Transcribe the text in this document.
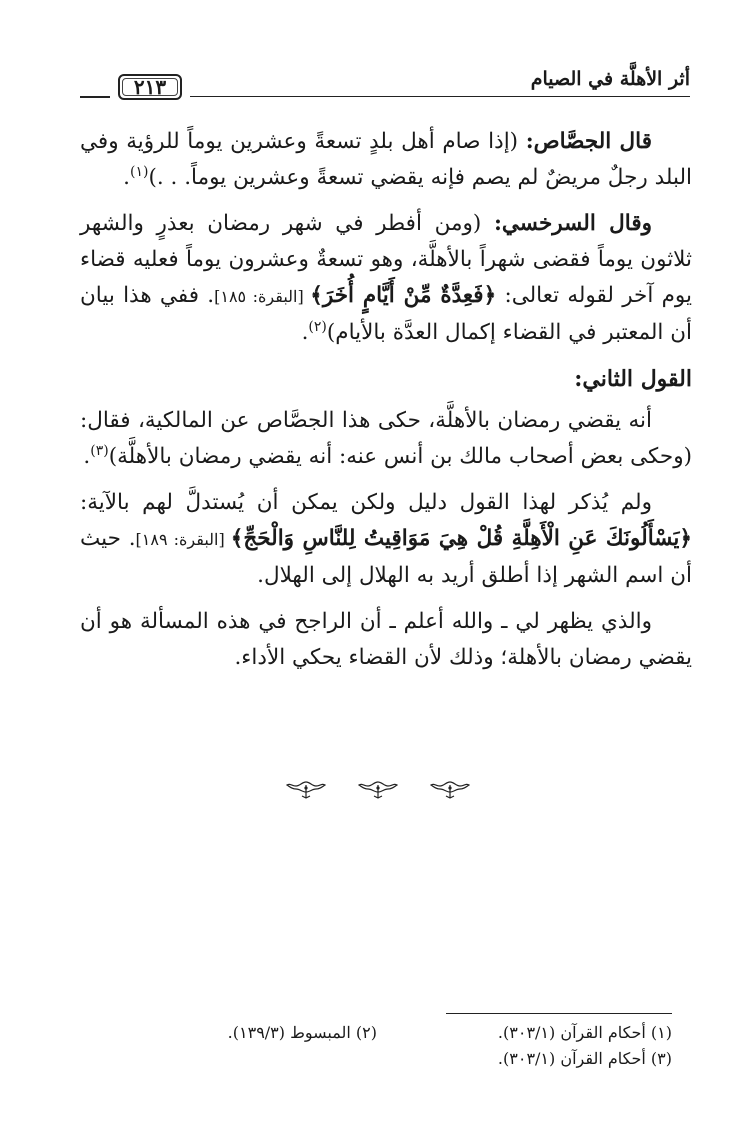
أثر الأهلَّة في الصيام
٢١٣

قال الجصَّاص: (إذا صام أهل بلدٍ تسعةً وعشرين يوماً للرؤية وفي البلد رجلٌ مريضٌ لم يصم فإنه يقضي تسعةً وعشرين يوماً. . .)$^{(١)}$.

وقال السرخسي: (ومن أفطر في شهر رمضان بعذرٍ والشهر ثلاثون يوماً فقضى شهراً بالأهلَّة، وهو تسعةٌ وعشرون يوماً فعليه قضاء يوم آخر لقوله تعالى: ﴿فَعِدَّةٌ مِّنْ أَيَّامٍ أُخَرَ﴾ [البقرة: ١٨٥]. ففي هذا بيان أن المعتبر في القضاء إكمال العدَّة بالأيام)$^{(٢)}$.

القول الثاني:

أنه يقضي رمضان بالأهلَّة، حكى هذا الجصَّاص عن المالكية، فقال: (وحكى بعض أصحاب مالك بن أنس عنه: أنه يقضي رمضان بالأهلَّة)$^{(٣)}$.

ولم يُذكر لهذا القول دليل ولكن يمكن أن يُستدلَّ لهم بالآية: ﴿يَسْأَلُونَكَ عَنِ الْأَهِلَّةِ قُلْ هِيَ مَوَاقِيتُ لِلنَّاسِ وَالْحَجِّ﴾ [البقرة: ١٨٩]. حيث أن اسم الشهر إذا أطلق أريد به الهلال إلى الهلال.

والذي يظهر لي ـ والله أعلم ـ أن الراجح في هذه المسألة هو أن يقضي رمضان بالأهلة؛ وذلك لأن القضاء يحكي الأداء.

(١) أحكام القرآن (٣٠٣/١).
(٢) المبسوط (١٣٩/٣).
(٣) أحكام القرآن (٣٠٣/١).
